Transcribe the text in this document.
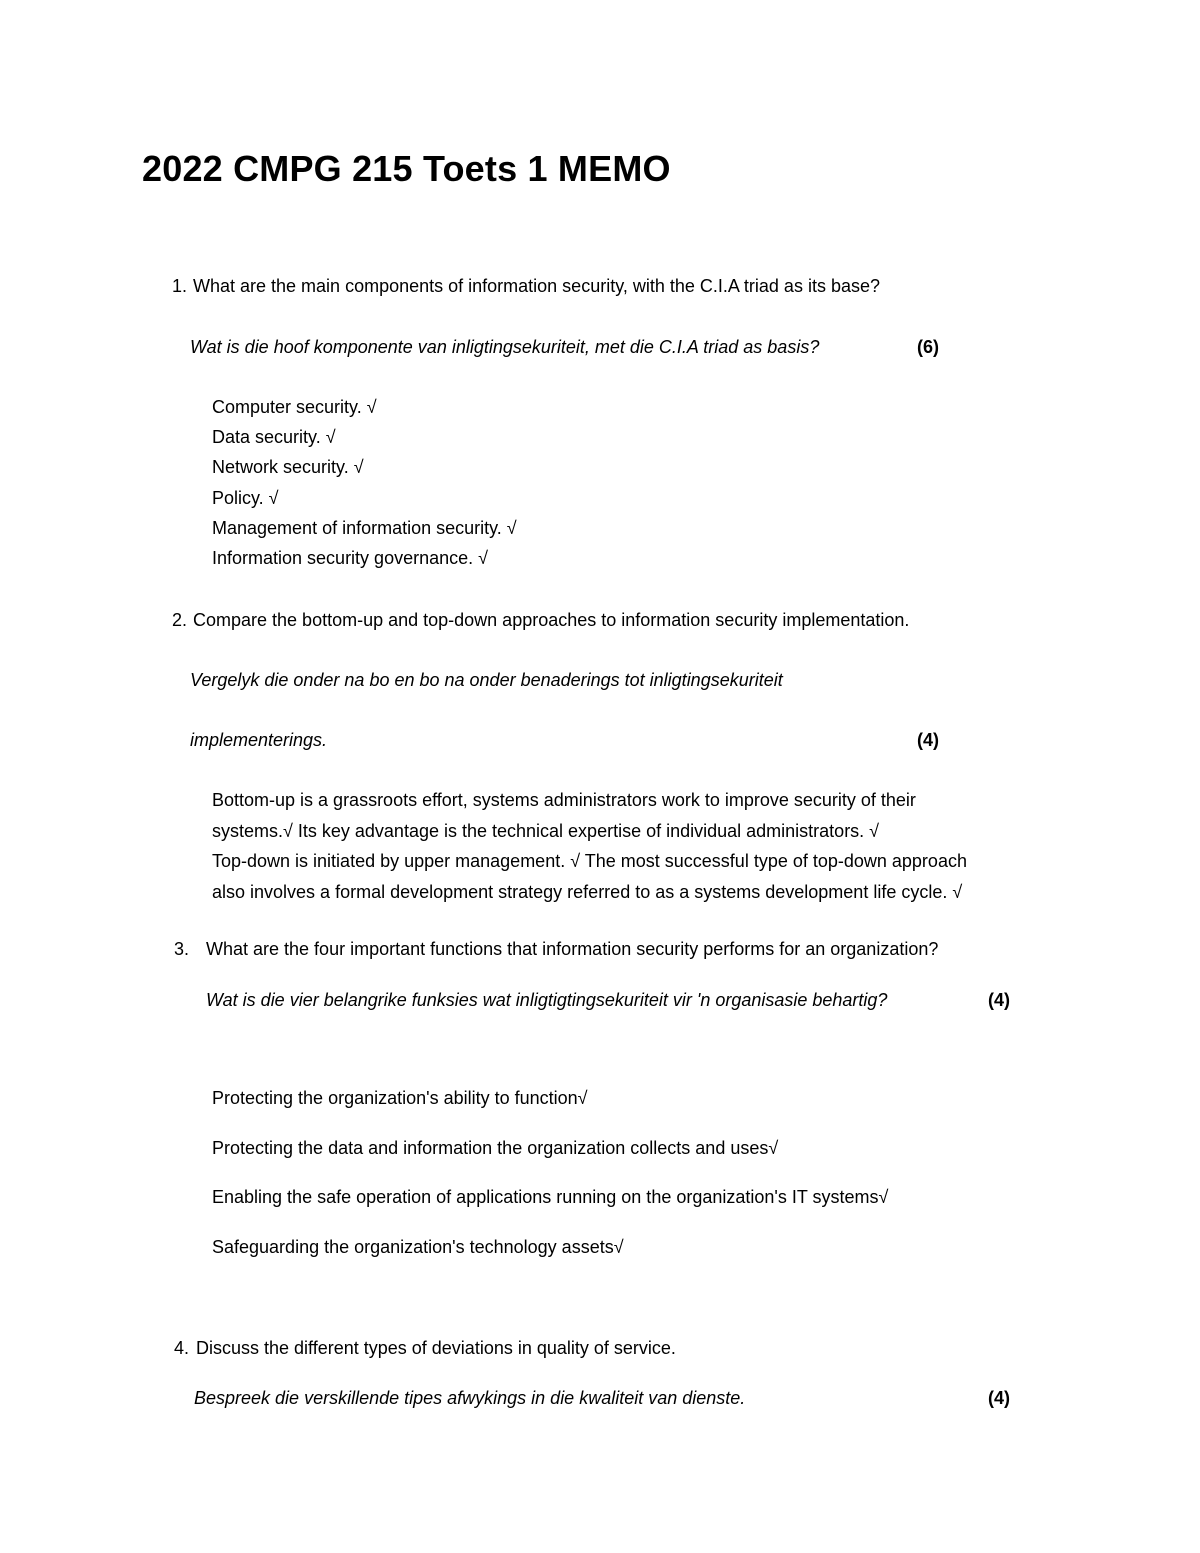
2022 CMPG 215 Toets 1 MEMO
1. What are the main components of information security, with the C.I.A triad as its base?
Wat is die hoof komponente van inligtingsekuriteit, met die C.I.A triad as basis?	(6)
Computer security. √
Data security. √
Network security. √
Policy. √
Management of information security. √
Information security governance. √
2. Compare the bottom-up and top-down approaches to information security implementation.
Vergelyk die onder na bo en bo na onder benaderings tot inligtingsekuriteit
implementerings.	(4)
Bottom-up is a grassroots effort, systems administrators work to improve security of their
systems.√ Its key advantage is the technical expertise of individual administrators. √
Top-down is initiated by upper management. √ The most successful type of top-down approach
also involves a formal development strategy referred to as a systems development life cycle. √
3. What are the four important functions that information security performs for an organization?
Wat is die vier belangrike funksies wat inligtigtingsekuriteit vir 'n organisasie behartig?	(4)
Protecting the organization's ability to function√
Protecting the data and information the organization collects and uses√
Enabling the safe operation of applications running on the organization's IT systems√
Safeguarding the organization's technology assets√
4. Discuss the different types of deviations in quality of service.
Bespreek die verskillende tipes afwykings in die kwaliteit van dienste.	(4)
